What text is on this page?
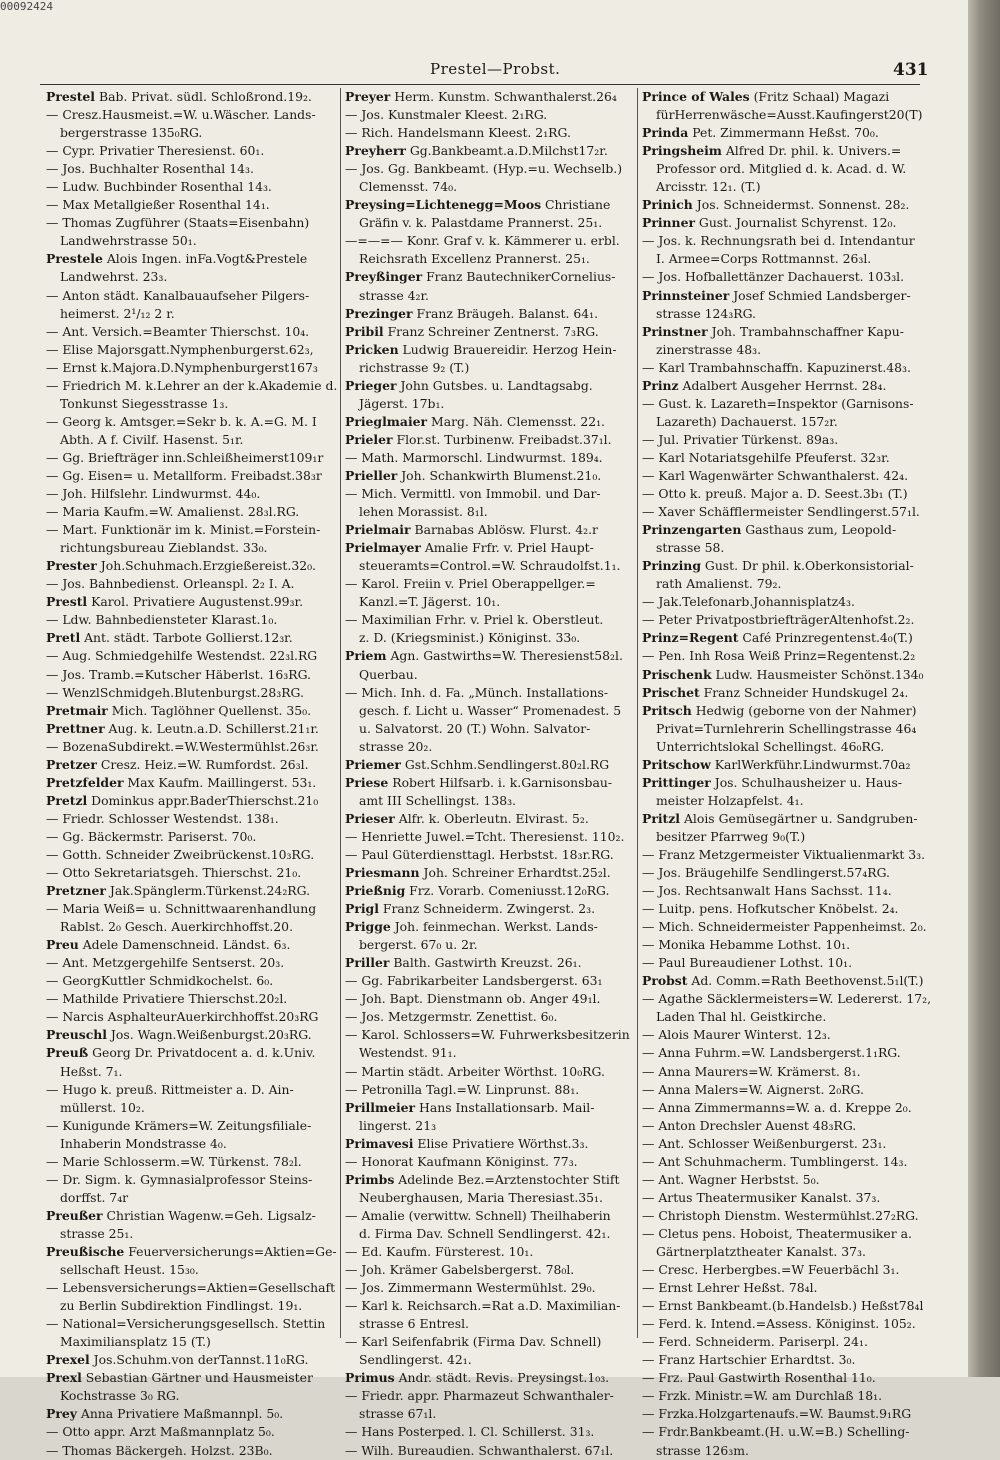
00092424
Prestel—Probst.	431
Prestel Bab. Privat. südl. Schloßrond.19₂.
— Cresz.Hausmeist.=W. u.Wäscher. Lands-
bergerstrasse 135₀RG.
— Cypr. Privatier Theresienst. 60₁.
— Jos. Buchhalter Rosenthal 14₃.
— Ludw. Buchbinder Rosenthal 14₃.
— Max Metallgießer Rosenthal 14₁.
— Thomas Zugführer (Staats=Eisenbahn)
Landwehrstrasse 50₁.
Prestele Alois Ingen. inFa.Vogt&Prestele
Landwehrst. 23₃.
— Anton städt. Kanalbauaufseher Pilgers-
heimerst. 2¹/₁₂ 2 r.
— Ant. Versich.=Beamter Thierschst. 10₄.
— Elise Majorsgatt.Nymphenburgerst.62₃,
— Ernst k.Majora.D.Nymphenburgerst167₃
— Friedrich M. k.Lehrer an der k.Akademie d.
Tonkunst Siegesstrasse 1₃.
— Georg k. Amtsger.=Sekr b. k. A.=G. M. I
Abth. A f. Civilf. Hasenst. 5₁r.
— Gg. Briefträger inn.Schleißheimerst109₁r
— Gg. Eisen= u. Metallform. Freibadst.38₃r
— Joh. Hilfslehr. Lindwurmst. 44₀.
— Maria Kaufm.=W. Amalienst. 28₃l.RG.
— Mart. Funktionär im k. Minist.=Forstein-
richtungsbureau Zieblandst. 33₀.
Prester Joh.Schuhmach.Erzgießereist.32₀.
— Jos. Bahnbedienst. Orleanspl. 2₂ I. A.
Prestl Karol. Privatiere Augustenst.99₃r.
— Ldw. Bahnbediensteter Klarast.1₀.
Pretl Ant. städt. Tarbote Gollierst.12₃r.
— Aug. Schmiedgehilfe Westendst. 22₃l.RG
— Jos. Tramb.=Kutscher Häberlst. 16₃RG.
— WenzlSchmidgeh.Blutenburgst.28₃RG.
Pretmair Mich. Taglöhner Quellenst. 35₀.
Prettner Aug. k. Leutn.a.D. Schillerst.21₁r.
— BozenaSubdirekt.=W.Westermühlst.26₃r.
Pretzer Cresz. Heiz.=W. Rumfordst. 26₃l.
Pretzfelder Max Kaufm. Maillingerst. 53₁.
Pretzl Dominkus appr.BaderThierschst.21₀
— Friedr. Schlosser Westendst. 138₁.
— Gg. Bäckermstr. Pariserst. 70₀.
— Gotth. Schneider Zweibrückenst.10₃RG.
— Otto Sekretariatsgeh. Thierschst. 21₀.
Pretzner Jak.Spänglerm.Türkenst.24₂RG.
— Maria Weiß= u. Schnittwaarenhandlung
Rablst. 2₀ Gesch. Auerkirchhoffst.20.
Preu Adele Damenschneid. Ländst. 6₃.
— Ant. Metzgergehilfe Sentserst. 20₃.
— GeorgKuttler Schmidkochelst. 6₀.
— Mathilde Privatiere Thierschst.20₂l.
— Narcis AsphalteurAuerkirchhoffst.20₃RG
Preuschl Jos. Wagn.Weißenburgst.20₃RG.
Preuß Georg Dr. Privatdocent a. d. k.Univ.
Heßst. 7₁.
— Hugo k. preuß. Rittmeister a. D. Ain-
müllerst. 10₂.
— Kunigunde Krämers=W. Zeitungsfiliale-
Inhaberin Mondstrasse 4₀.
— Marie Schlosserm.=W. Türkenst. 78₂l.
— Dr. Sigm. k. Gymnasialprofessor Steins-
dorffst. 7₄r
Preußer Christian Wagenw.=Geh. Ligsalz-
strasse 25₁.
Preußische Feuerversicherungs=Aktien=Ge-
sellschaft Heust. 15₃₀.
— Lebensversicherungs=Aktien=Gesellschaft
zu Berlin Subdirektion Findlingst. 19₁.
— National=Versicherungsgesellsch. Stettin
Maximiliansplatz 15 (T.)
Prexel Jos.Schuhm.von derTannst.11₀RG.
Prexl Sebastian Gärtner und Hausmeister
Kochstrasse 3₀ RG.
Prey Anna Privatiere Maßmannpl. 5₀.
— Otto appr. Arzt Maßmannplatz 5₀.
— Thomas Bäckergeh. Holzst. 23B₀.
Preyer Herm. Kunstm. Schwanthalerst.26₄
— Jos. Kunstmaler Kleest. 2₁RG.
— Rich. Handelsmann Kleest. 2₁RG.
Preyherr Gg.Bankbeamt.a.D.Milchst17₂r.
— Jos. Gg. Bankbeamt. (Hyp.=u. Wechselb.)
Clemensst. 74₀.
Preysing=Lichtenegg=Moos Christiane
Gräfin v. k. Palastdame Prannerst. 25₁.
—=—=— Konr. Graf v. k. Kämmerer u. erbl.
Reichsrath Excellenz Prannerst. 25₁.
Preyßinger Franz BautechnikerCornelius-
strasse 4₂r.
Prezinger Franz Bräugeh. Balanst. 64₁.
Pribil Franz Schreiner Zentnerst. 7₃RG.
Pricken Ludwig Brauereidir. Herzog Hein-
richstrasse 9₂ (T.)
Prieger John Gutsbes. u. Landtagsabg.
Jägerst. 17b₁.
Prieglmaier Marg. Näh. Clemensst. 22₁.
Prieler Flor.st. Turbinenw. Freibadst.37₁l.
— Math. Marmorschl. Lindwurmst. 189₄.
Prieller Joh. Schankwirth Blumenst.21₀.
— Mich. Vermittl. von Immobil. und Dar-
lehen Morassist. 8₁l.
Prielmair Barnabas Ablösw. Flurst. 4₂.r
Prielmayer Amalie Frfr. v. Priel Haupt-
steueramts=Control.=W. Schraudolfst.1₁.
— Karol. Freiin v. Priel Oberappellger.=
Kanzl.=T. Jägerst. 10₁.
— Maximilian Frhr. v. Priel k. Oberstleut.
z. D. (Kriegsminist.) Königinst. 33₀.
Priem Agn. Gastwirths=W. Theresienst58₂l.
Querbau.
— Mich. Inh. d. Fa. „Münch. Installations-
gesch. f. Licht u. Wasser“ Promenadest. 5
u. Salvatorst. 20 (T.) Wohn. Salvator-
strasse 20₂.
Priemer Gst.Schhm.Sendlingerst.80₂l.RG
Priese Robert Hilfsarb. i. k.Garnisonsbau-
amt III Schellingst. 138₃.
Prieser Alfr. k. Oberleutn. Elvirast. 5₂.
— Henriette Juwel.=Tcht. Theresienst. 110₂.
— Paul Güterdiensttagl. Herbstst. 18₃r.RG.
Priesmann Joh. Schreiner Erhardtst.25₂l.
Prießnig Frz. Vorarb. Comeniusst.12₀RG.
Prigl Franz Schneiderm. Zwingerst. 2₃.
Prigge Joh. feinmechan. Werkst. Lands-
bergerst. 67₀ u. 2r.
Priller Balth. Gastwirth Kreuzst. 26₁.
— Gg. Fabrikarbeiter Landsbergerst. 63₁
— Joh. Bapt. Dienstmann ob. Anger 49₁l.
— Jos. Metzgermstr. Zenettist. 6₀.
— Karol. Schlossers=W. Fuhrwerksbesitzerin
Westendst. 91₁.
— Martin städt. Arbeiter Wörthst. 10₀RG.
— Petronilla Tagl.=W. Linprunst. 88₁.
Prillmeier Hans Installationsarb. Mail-
lingerst. 21₃
Primavesi Elise Privatiere Wörthst.3₃.
— Honorat Kaufmann Königinst. 77₃.
Primbs Adelinde Bez.=Arztenstochter Stift
Neuberghausen, Maria Theresiast.35₁.
— Amalie (verwittw. Schnell) Theilhaberin
d. Firma Dav. Schnell Sendlingerst. 42₁.
— Ed. Kaufm. Fürsterest. 10₁.
— Joh. Krämer Gabelsbergerst. 78₀l.
— Jos. Zimmermann Westermühlst. 29₀.
— Karl k. Reichsarch.=Rat a.D. Maximilian-
strasse 6 Entresl.
— Karl Seifenfabrik (Firma Dav. Schnell)
Sendlingerst. 42₁.
Primus Andr. städt. Revis. Preysingst.1₀₃.
— Friedr. appr. Pharmazeut Schwanthaler-
strasse 67₁l.
— Hans Posterped. l. Cl. Schillerst. 31₃.
— Wilh. Bureaudien. Schwanthalerst. 67₁l.
Prince of Wales (Fritz Schaal) Magazi
fürHerrenwäsche=Ausst.Kaufingerst20(T)
Prinda Pet. Zimmermann Heßst. 70₀.
Pringsheim Alfred Dr. phil. k. Univers.=
Professor ord. Mitglied d. k. Acad. d. W.
Arcisstr. 12₁. (T.)
Prinich Jos. Schneidermst. Sonnenst. 28₂.
Prinner Gust. Journalist Schyrenst. 12₀.
— Jos. k. Rechnungsrath bei d. Intendantur
I. Armee=Corps Rottmannst. 26₃l.
— Jos. Hofballettänzer Dachauerst. 103₃l.
Prinnsteiner Josef Schmied Landsberger-
strasse 124₃RG.
Prinstner Joh. Trambahnschaffner Kapu-
zinerstrasse 48₃.
— Karl Trambahnschaffn. Kapuzinerst.48₃.
Prinz Adalbert Ausgeher Herrnst. 28₄.
— Gust. k. Lazareth=Inspektor (Garnisons-
Lazareth) Dachauerst. 157₂r.
— Jul. Privatier Türkenst. 89a₃.
— Karl Notariatsgehilfe Pfeuferst. 32₃r.
— Karl Wagenwärter Schwanthalerst. 42₄.
— Otto k. preuß. Major a. D. Seest.3b₁ (T.)
— Xaver Schäfflermeister Sendlingerst.57₁l.
Prinzengarten Gasthaus zum, Leopold-
strasse 58.
Prinzing Gust. Dr phil. k.Oberkonsistorial-
rath Amalienst. 79₂.
— Jak.Telefonarb.Johannisplatz4₃.
— Peter PrivatpostbriefträgerAltenhofst.2₂.
Prinz=Regent Café Prinzregentenst.4₀(T.)
— Pen. Inh Rosa Weiß Prinz=Regentenst.2₂
Prischenk Ludw. Hausmeister Schönst.134₀
Prischet Franz Schneider Hundskugel 2₄.
Pritsch Hedwig (geborne von der Nahmer)
Privat=Turnlehrerin Schellingstrasse 46₄
Unterrichtslokal Schellingst. 46₀RG.
Pritschow KarlWerkführ.Lindwurmst.70a₂
Prittinger Jos. Schulhausheizer u. Haus-
meister Holzapfelst. 4₁.
Pritzl Alois Gemüsegärtner u. Sandgruben-
besitzer Pfarrweg 9₀(T.)
— Franz Metzgermeister Viktualienmarkt 3₃.
— Jos. Bräugehilfe Sendlingerst.57₄RG.
— Jos. Rechtsanwalt Hans Sachsst. 11₄.
— Luitp. pens. Hofkutscher Knöbelst. 2₄.
— Mich. Schneidermeister Pappenheimst. 2₀.
— Monika Hebamme Lothst. 10₁.
— Paul Bureaudiener Lothst. 10₁.
Probst Ad. Comm.=Rath Beethovenst.5₁l(T.)
— Agathe Säcklermeisters=W. Ledererst. 17₂,
Laden Thal hl. Geistkirche.
— Alois Maurer Winterst. 12₃.
— Anna Fuhrm.=W. Landsbergerst.1₁RG.
— Anna Maurers=W. Krämerst. 8₁.
— Anna Malers=W. Aignerst. 2₀RG.
— Anna Zimmermanns=W. a. d. Kreppe 2₀.
— Anton Drechsler Auenst 48₃RG.
— Ant. Schlosser Weißenburgerst. 23₁.
— Ant Schuhmacherm. Tumblingerst. 14₃.
— Ant. Wagner Herbstst. 5₀.
— Artus Theatermusiker Kanalst. 37₃.
— Christoph Dienstm. Westermühlst.27₂RG.
— Cletus pens. Hoboist, Theatermusiker a.
Gärtnerplatztheater Kanalst. 37₃.
— Cresc. Herbergbes.=W Feuerbächl 3₁.
— Ernst Lehrer Heßst. 78₄l.
— Ernst Bankbeamt.(b.Handelsb.) Heßst78₄l
— Ferd. k. Intend.=Assess. Königinst. 105₂.
— Ferd. Schneiderm. Pariserpl. 24₁.
— Franz Hartschier Erhardtst. 3₀.
— Frz. Paul Gastwirth Rosenthal 11₀.
— Frzk. Ministr.=W. am Durchlaß 18₁.
— Frzka.Holzgartenaufs.=W. Baumst.9₁RG
— Frdr.Bankbeamt.(H. u.W.=B.) Schelling-
strasse 126₃m.
